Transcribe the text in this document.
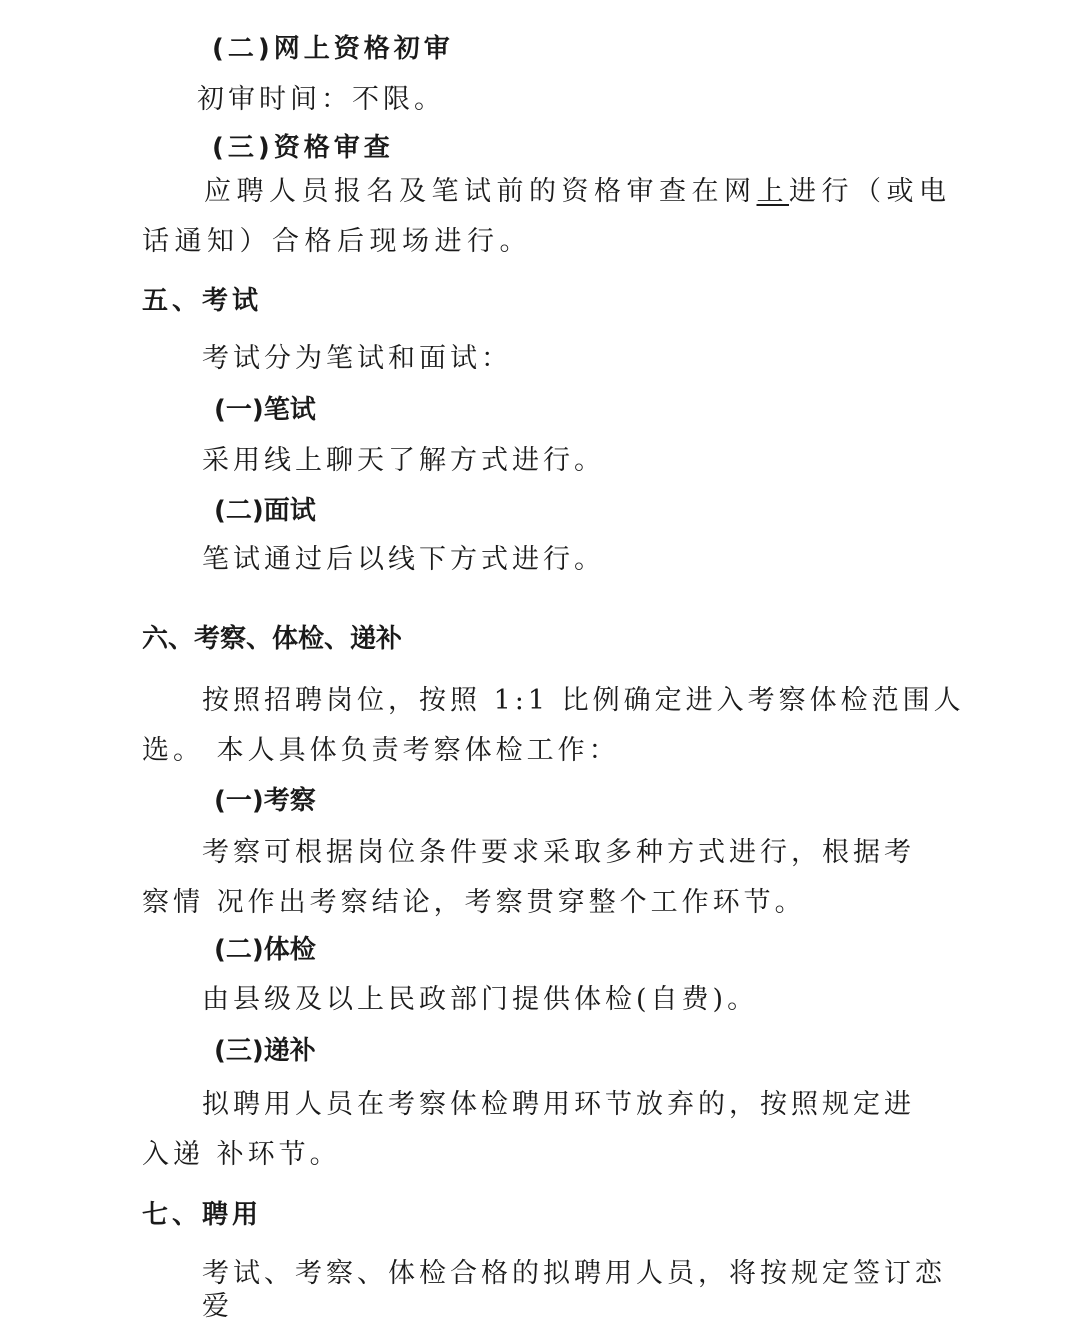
(二)网上资格初审
初审时间：不限。
(三)资格审查
应聘人员报名及笔试前的资格审查在网上进行（或电
话通知）合格后现场进行。
五、考试
考试分为笔试和面试：
(一)笔试
采用线上聊天了解方式进行。
(二)面试
笔试通过后以线下方式进行。
六、考察、体检、递补
按照招聘岗位，按照 1:1 比例确定进入考察体检范围人
选。 本人具体负责考察体检工作：
(一)考察
考察可根据岗位条件要求采取多种方式进行，根据考
察情 况作出考察结论，考察贯穿整个工作环节。
(二)体检
由县级及以上民政部门提供体检(自费)。
(三)递补
拟聘用人员在考察体检聘用环节放弃的，按照规定进
入递 补环节。
七、聘用
考试、考察、体检合格的拟聘用人员，将按规定签订恋
爱
